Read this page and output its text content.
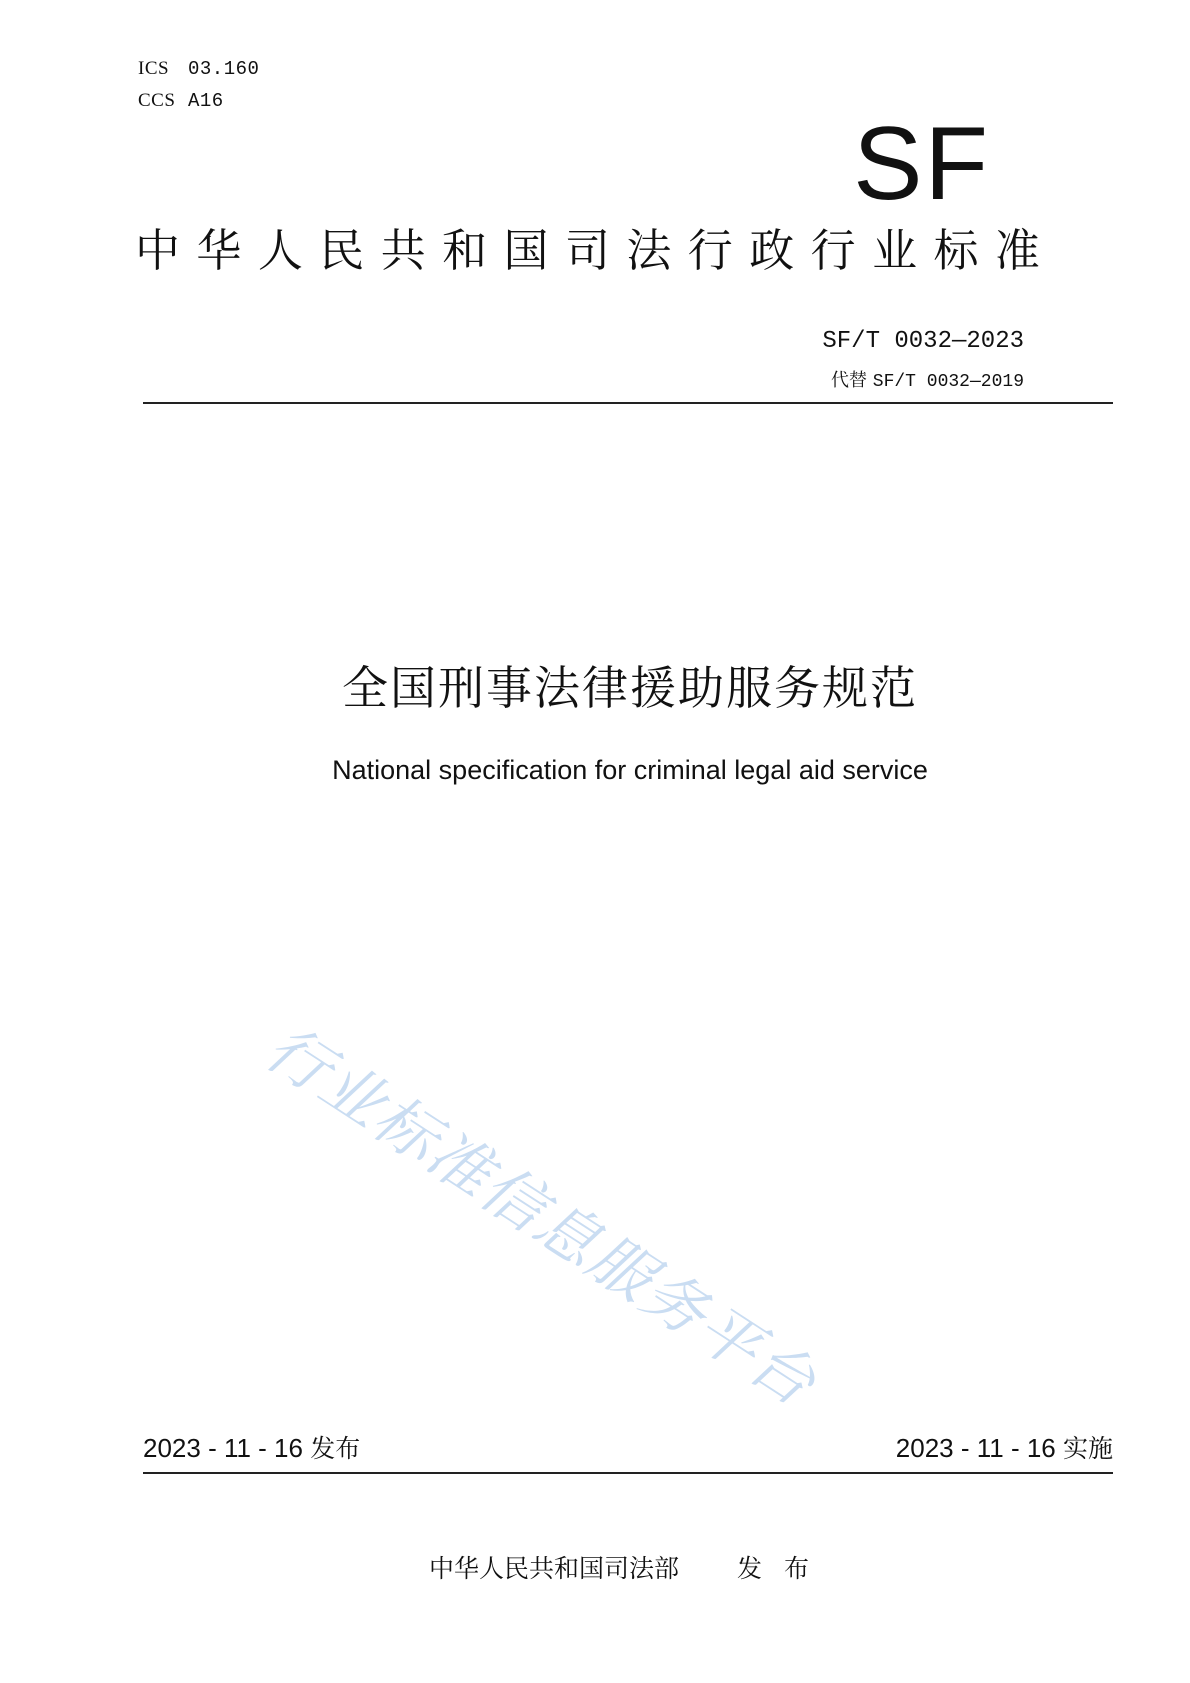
ICS 03.160
CCS A16
SF
中 华 人 民 共 和 国 司 法 行 政 行 业 标 准
SF/T 0032—2023
代替 SF/T 0032—2019
全国刑事法律援助服务规范
National specification for criminal legal aid service
行业标准信息服务平台
2023 - 11 - 16 发布	2023 - 11 - 16 实施
中华人民共和国司法部 发布
